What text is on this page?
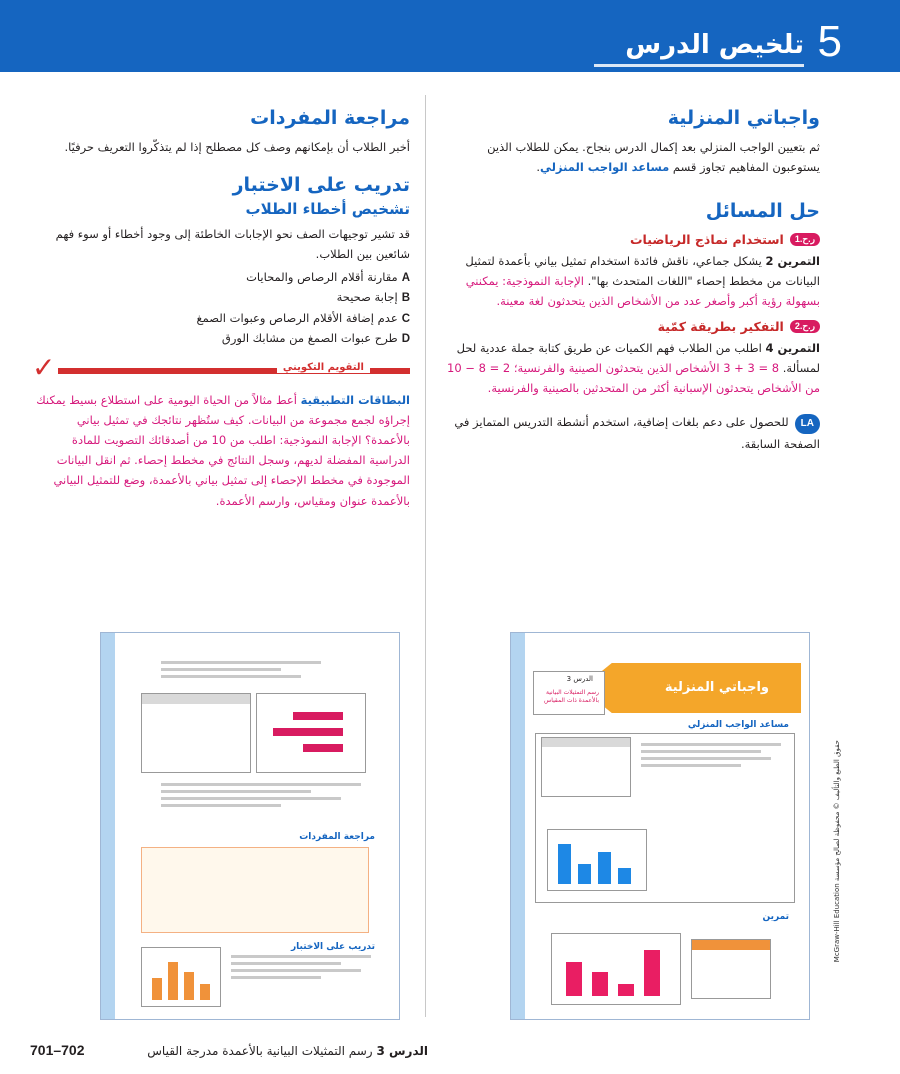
تلخيص الدرس 5
واجباتي المنزلية

ثم بتعيين الواجب المنزلي بعد إكمال الدرس بنجاح. يمكن للطلاب الذين يستوعبون المفاهيم تجاوز قسم مساعد الواجب المنزلي.

حل المسائل
ر.ح.1
استخدام نماذج الرياضيات

التمرين 2 يشكل جماعي، ناقش فائدة استخدام تمثيل بياني بأعمدة لتمثيل البيانات من مخطط إحصاء "اللغات المتحدث بها". الإجابة النموذجية: يمكنني بسهولة رؤية أكبر وأصغر عدد من الأشخاص الذين يتحدثون لغة معينة.

ر.ح.2
التفكير بطريقة كمّية

التمرين 4 اطلب من الطلاب فهم الكميات عن طريق كتابة جملة عددية لحل لمسألة. 8 = 3 + 3 الأشخاص الذين يتحدثون الصينية والفرنسية؛ 2 = 8 − 10 من الأشخاص يتحدثون الإسبانية أكثر من المتحدثين بالصينية والفرنسية.

LAللحصول على دعم بلغات إضافية، استخدم أنشطة التدريس المتمايز في الصفحة السابقة.

مراجعة المفردات

أخبر الطلاب أن بإمكانهم وصف كل مصطلح إذا لم يتذكّروا التعريف حرفيًا.

تدريب على الاختبار
تشخيص أخطاء الطلاب

قد تشير توجيهات الصف نحو الإجابات الخاطئة إلى وجود أخطاء أو سوء فهم شائعين بين الطلاب.

Aمقارنة أقلام الرصاص والمحايات
Bإجابة صحيحة
Cعدم إضافة الأقلام الرصاص وعبوات الصمغ
Dطرح عبوات الصمغ من مشابك الورق
التقويم التكويني
✓

البطاقات التطبيقية أعط مثالاً من الحياة اليومية على استطلاع بسيط يمكنك إجراؤه لجمع مجموعة من البيانات. كيف ستُظهر نتائجك في تمثيل بياني بالأعمدة؟ الإجابة النموذجية: اطلب من 10 من أصدقائك التصويت للمادة الدراسية المفضلة لديهم، وسجل النتائج في مخطط إحصاء. ثم انقل البيانات الموجودة في مخطط الإحصاء إلى تمثيل بياني بالأعمدة، وضع للتمثيل البياني بالأعمدة عنوان ومقياس، وارسم الأعمدة.

مراجعة المفردات
تدريب على الاختبار
واجباتي المنزلية
الدرس 3
رسم التمثيلات البيانية بالأعمدة ذات المقياس
مساعد الواجب المنزلي
تمرين	حقوق الطبع والتأليف © محفوظة لصالح مؤسسة McGraw-Hill Education
الدرس 3 رسم التمثيلات البيانية بالأعمدة مدرجة القياس
701–702
